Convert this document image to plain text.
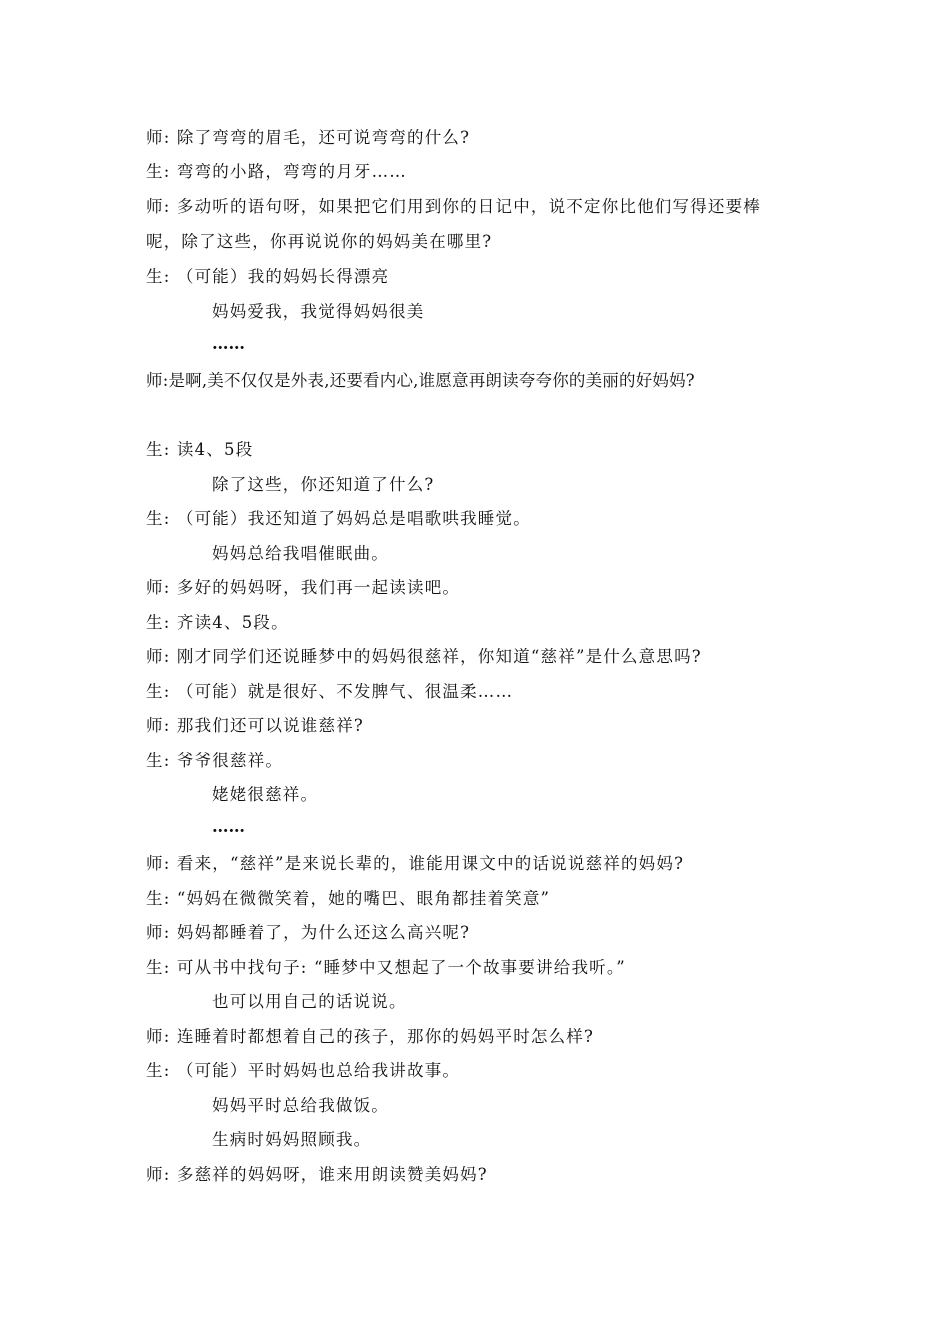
师: 除了弯弯的眉毛，还可说弯弯的什么?
生: 弯弯的小路，弯弯的月牙……
师: 多动听的语句呀，如果把它们用到你的日记中，说不定你比他们写得还要棒
呢，除了这些，你再说说你的妈妈美在哪里?
生: （可能）我的妈妈长得漂亮
妈妈爱我，我觉得妈妈很美
……
师:是啊,美不仅仅是外表,还要看内心,谁愿意再朗读夸夸你的美丽的好妈妈?
生: 读4、5段
除了这些，你还知道了什么?
生: （可能）我还知道了妈妈总是唱歌哄我睡觉。
妈妈总给我唱催眠曲。
师: 多好的妈妈呀，我们再一起读读吧。
生: 齐读4、5段。
师: 刚才同学们还说睡梦中的妈妈很慈祥，你知道“慈祥”是什么意思吗?
生: （可能）就是很好、不发脾气、很温柔……
师: 那我们还可以说谁慈祥?
生: 爷爷很慈祥。
姥姥很慈祥。
……
师: 看来，“慈祥”是来说长辈的，谁能用课文中的话说说慈祥的妈妈?
生: “妈妈在微微笑着，她的嘴巴、眼角都挂着笑意”
师: 妈妈都睡着了，为什么还这么高兴呢?
生: 可从书中找句子: “睡梦中又想起了一个故事要讲给我听。”
也可以用自己的话说说。
师: 连睡着时都想着自己的孩子，那你的妈妈平时怎么样?
生: （可能）平时妈妈也总给我讲故事。
妈妈平时总给我做饭。
生病时妈妈照顾我。
师: 多慈祥的妈妈呀，谁来用朗读赞美妈妈?
